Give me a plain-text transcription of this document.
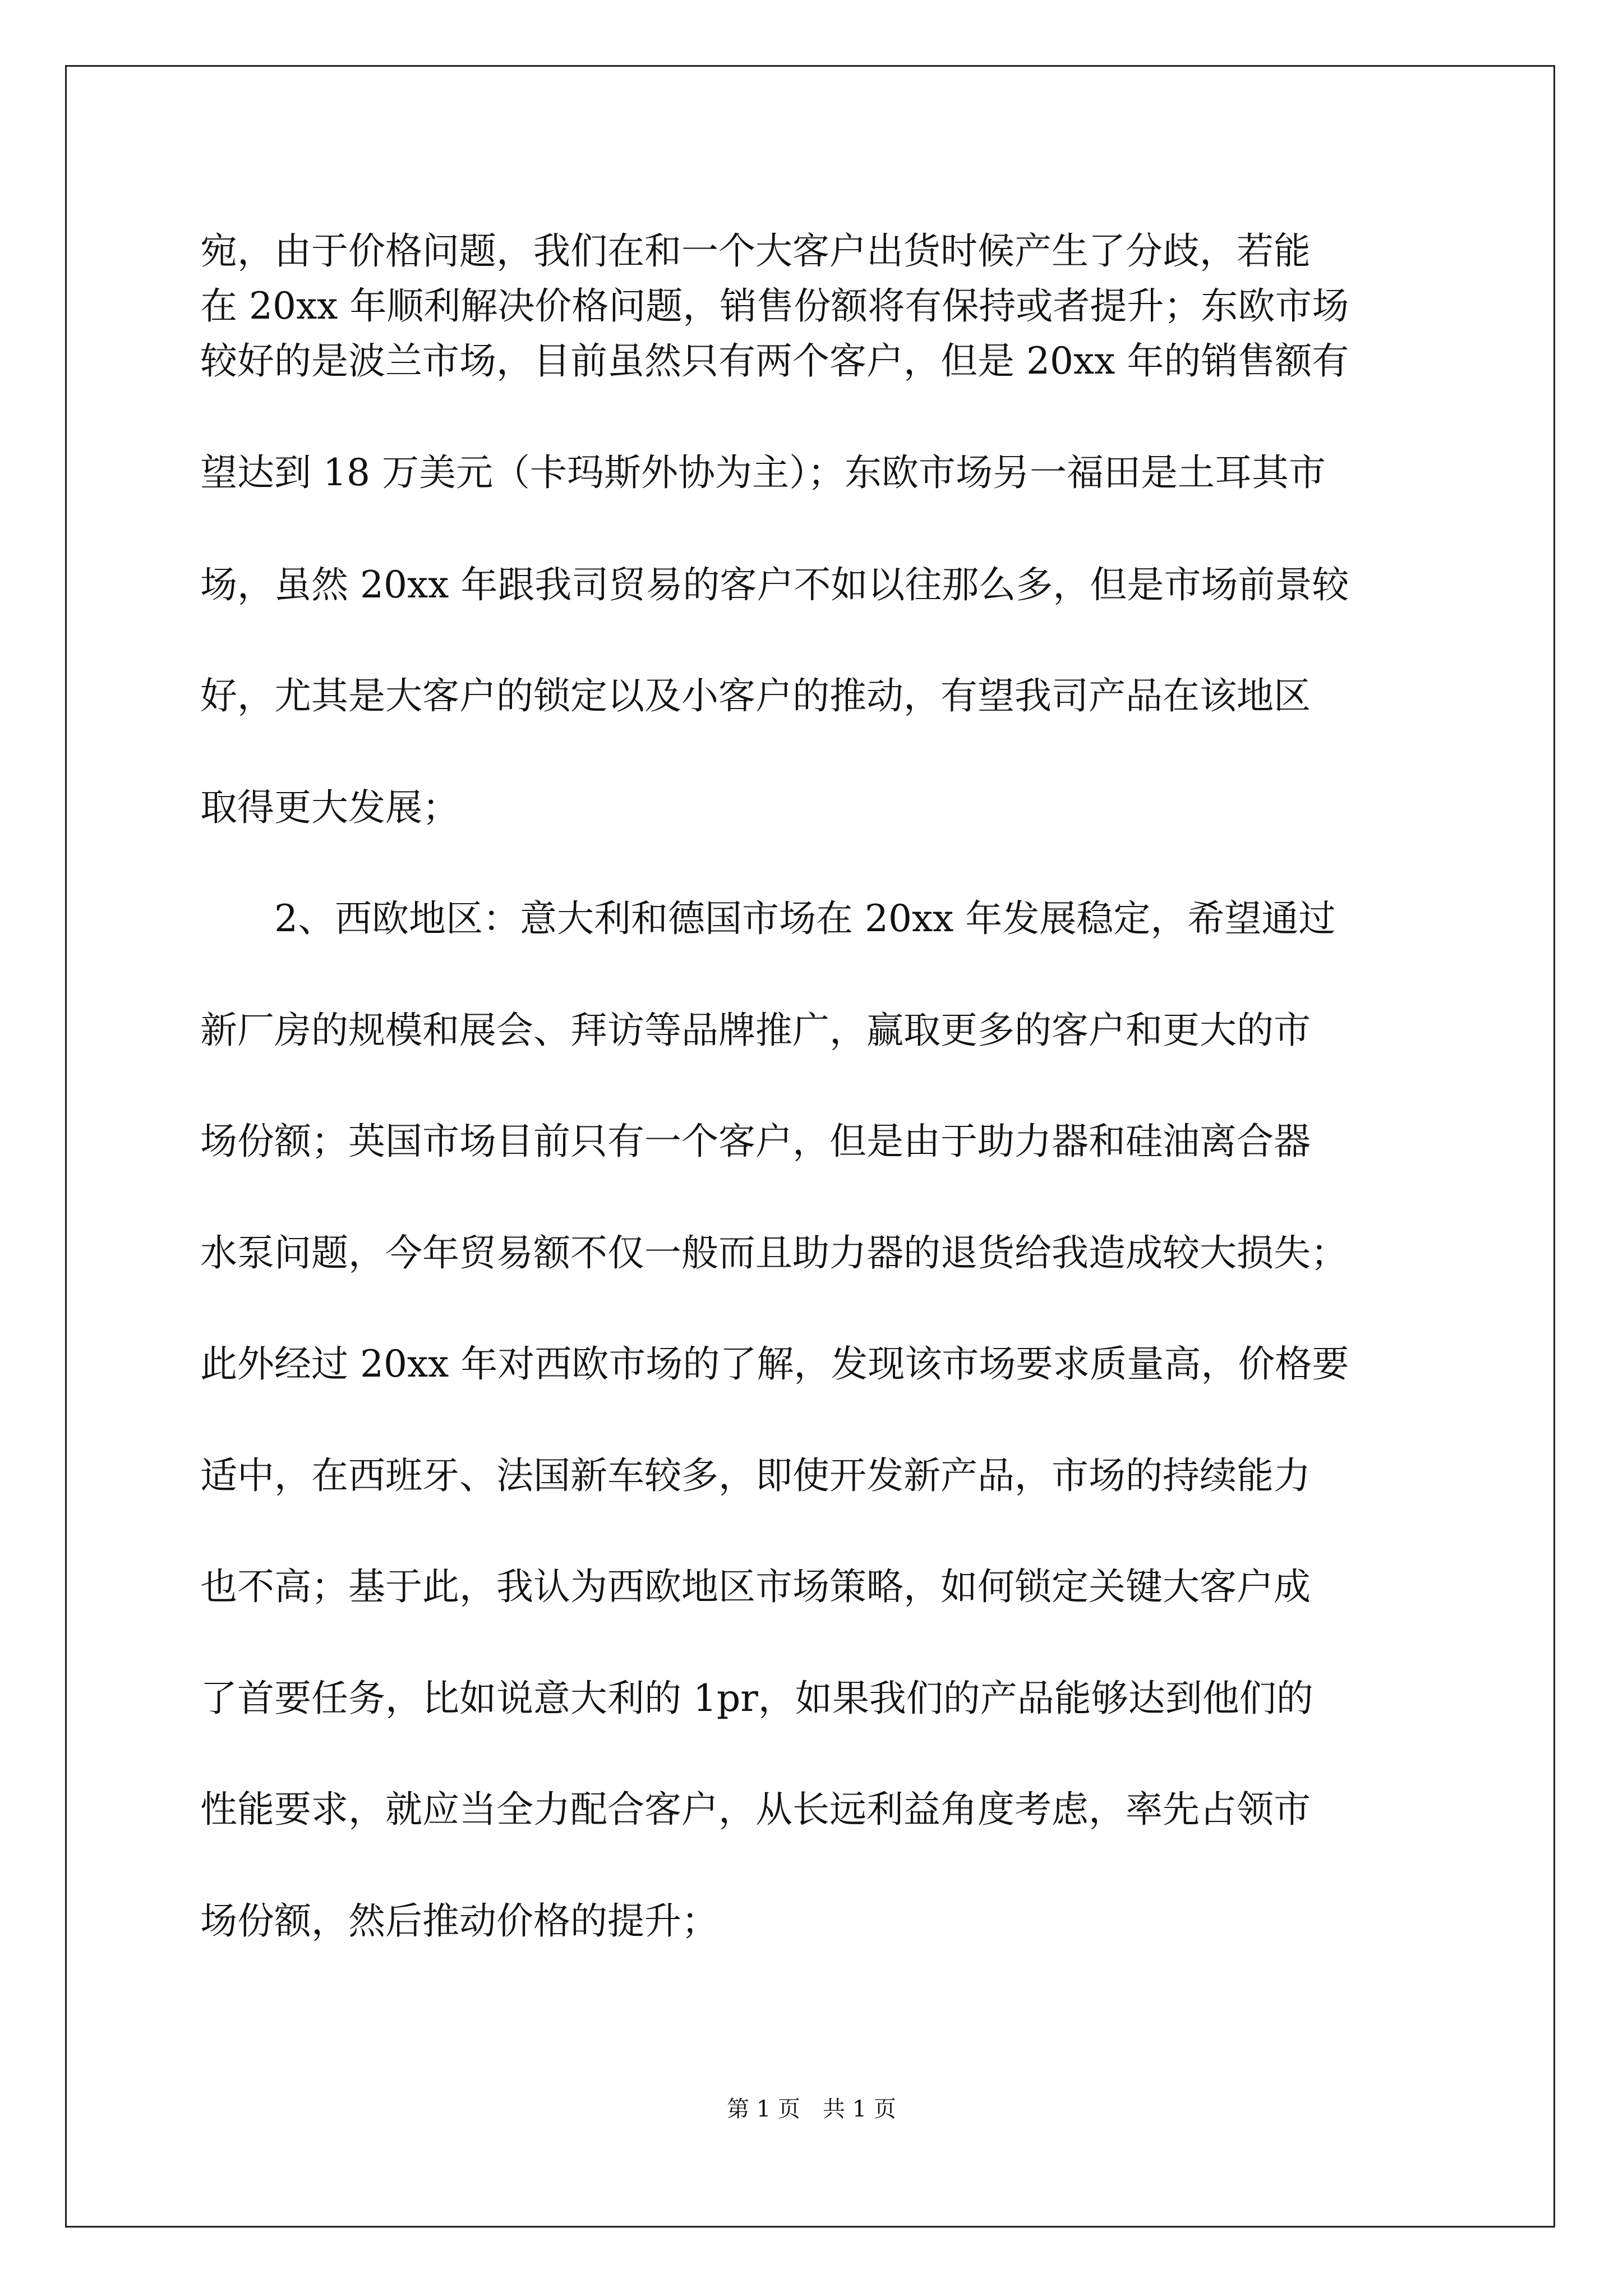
宛，由于价格问题，我们在和一个大客户出货时候产生了分歧，若能
在 20xx 年顺利解决价格问题，销售份额将有保持或者提升；东欧市场
较好的是波兰市场，目前虽然只有两个客户，但是 20xx 年的销售额有
望达到 18 万美元（卡玛斯外协为主）；东欧市场另一福田是土耳其市
场，虽然 20xx 年跟我司贸易的客户不如以往那么多，但是市场前景较
好，尤其是大客户的锁定以及小客户的推动，有望我司产品在该地区
取得更大发展；
　　2、西欧地区：意大利和德国市场在 20xx 年发展稳定，希望通过
新厂房的规模和展会、拜访等品牌推广，赢取更多的客户和更大的市
场份额；英国市场目前只有一个客户，但是由于助力器和硅油离合器
水泵问题，今年贸易额不仅一般而且助力器的退货给我造成较大损失；
此外经过 20xx 年对西欧市场的了解，发现该市场要求质量高，价格要
适中，在西班牙、法国新车较多，即使开发新产品，市场的持续能力
也不高；基于此，我认为西欧地区市场策略，如何锁定关键大客户成
了首要任务，比如说意大利的 1pr，如果我们的产品能够达到他们的
性能要求，就应当全力配合客户，从长远利益角度考虑，率先占领市
场份额，然后推动价格的提升；
第 1 页 共 1 页
